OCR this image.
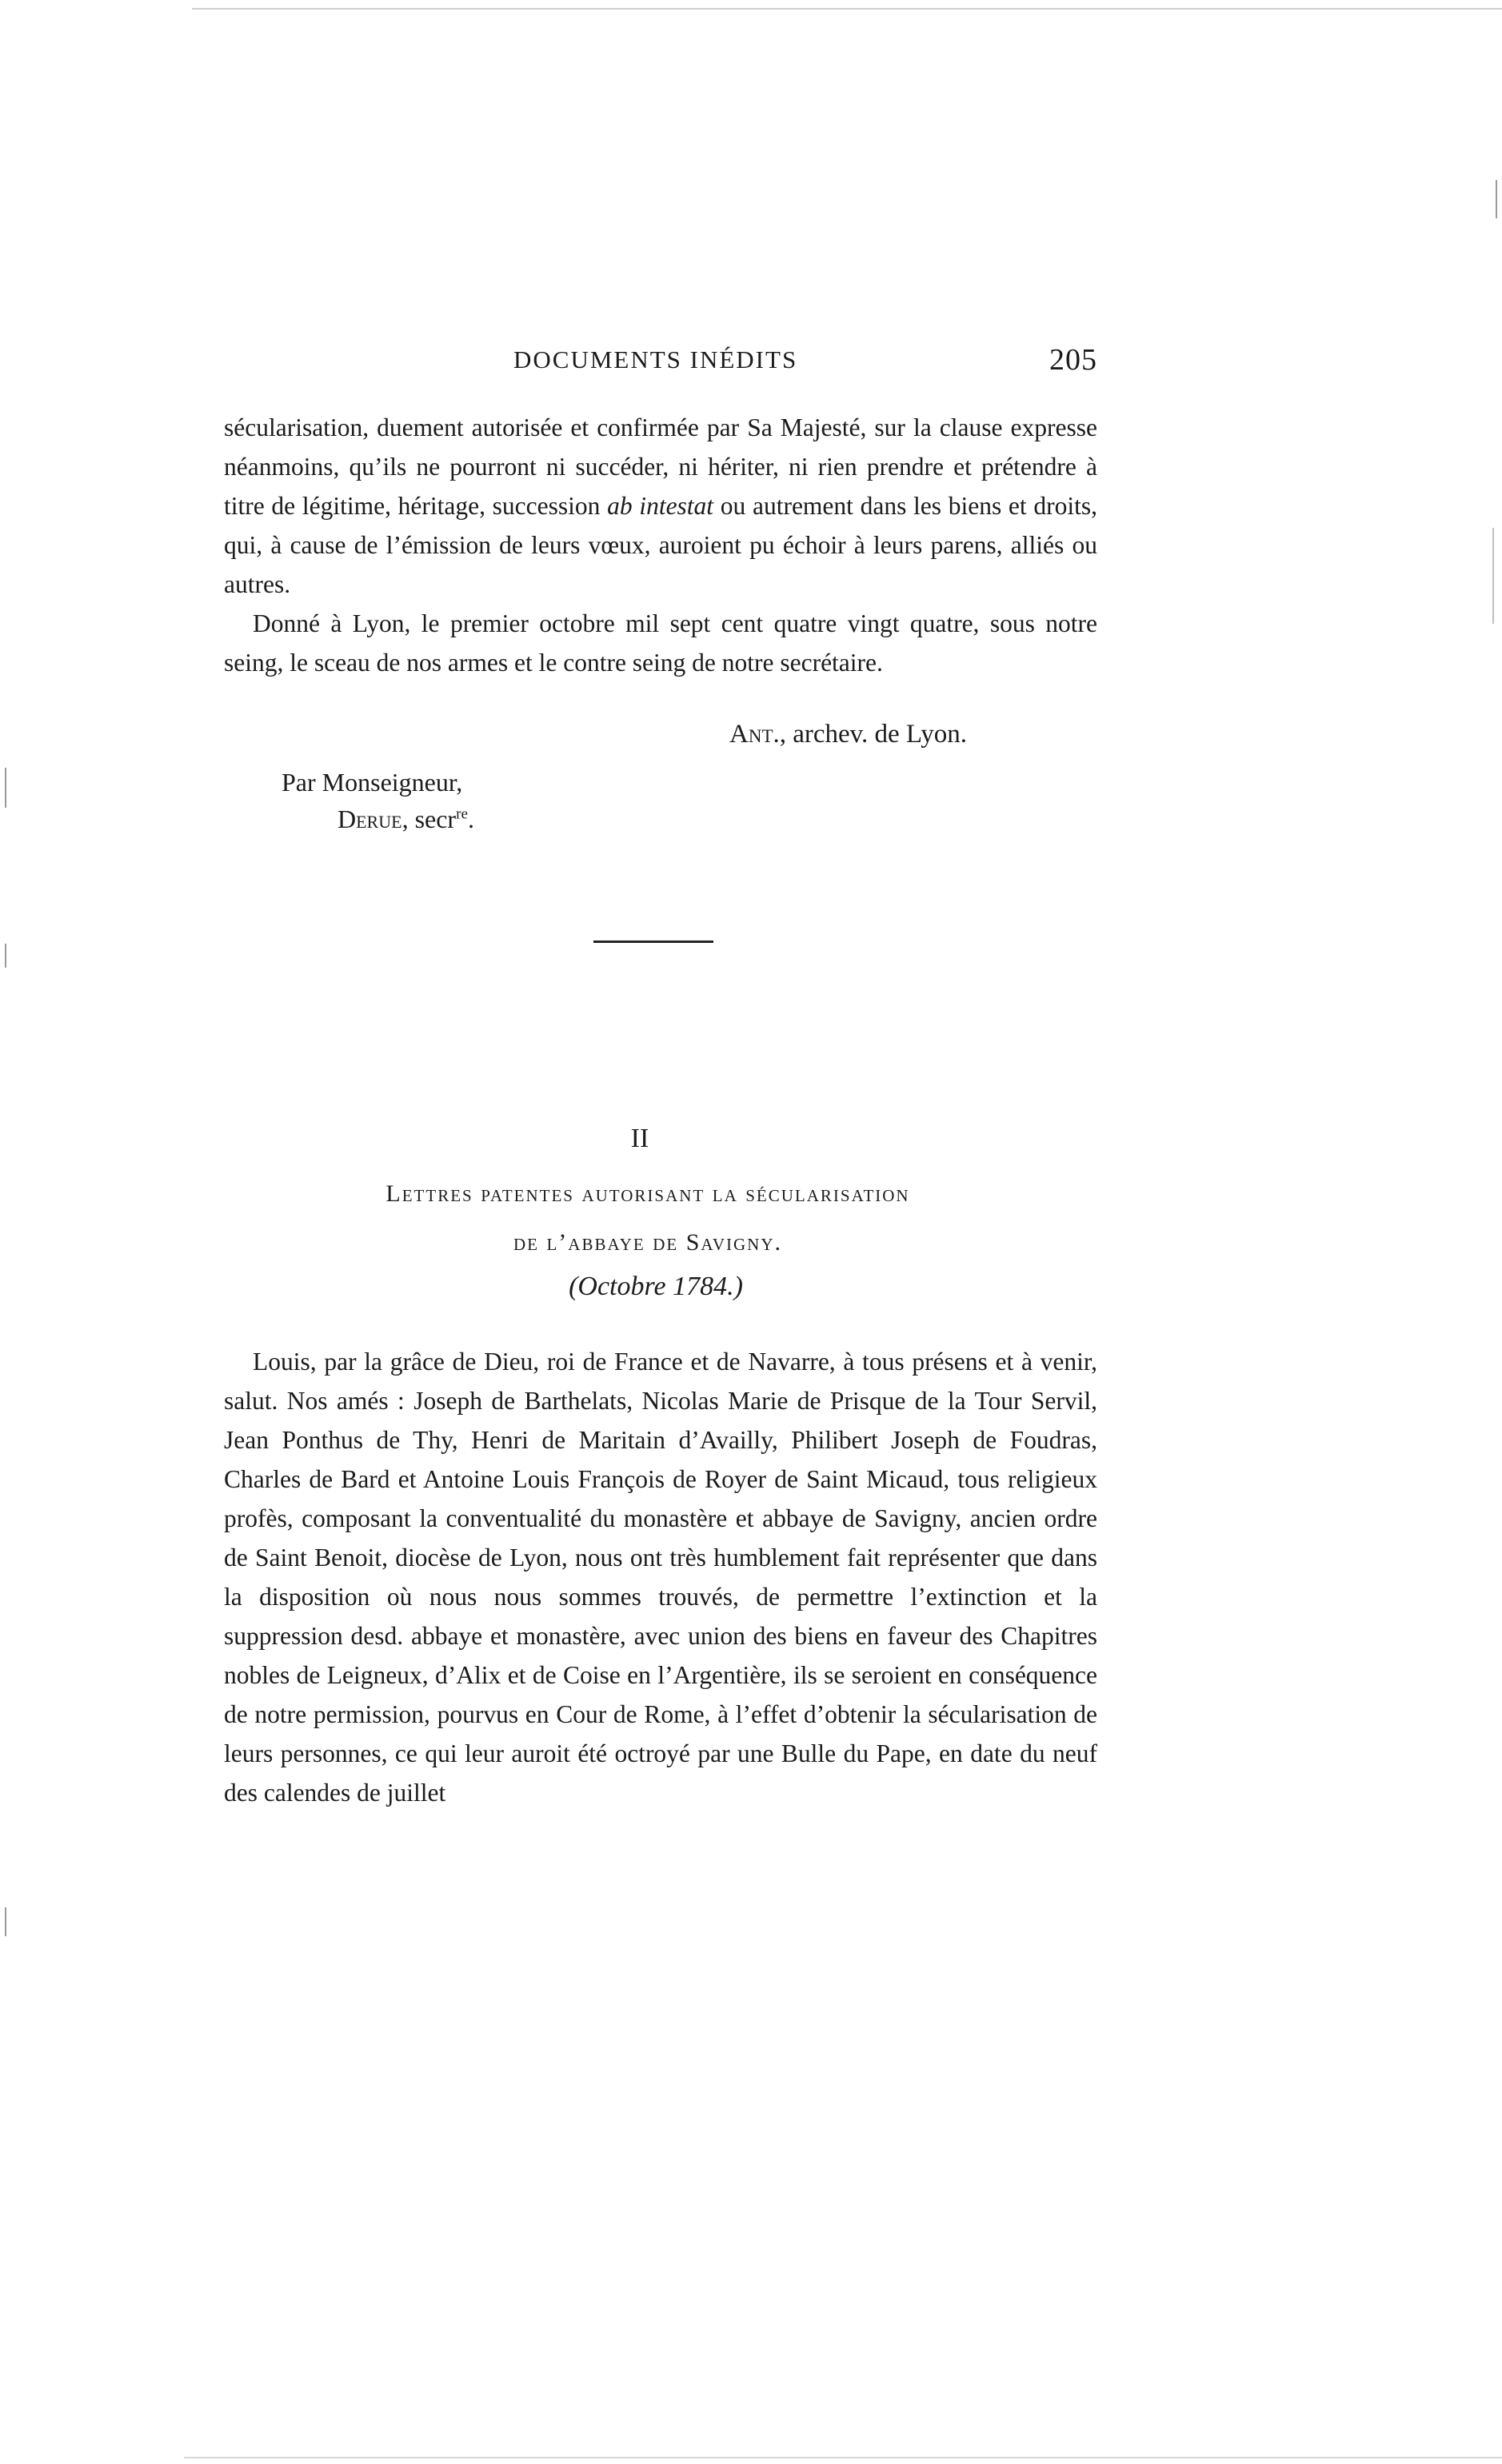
DOCUMENTS INÉDITS	205

sécularisation, duement autorisée et confirmée par Sa Majesté, sur la clause expresse néanmoins, qu’ils ne pourront ni succéder, ni hériter, ni rien prendre et prétendre à titre de légitime, héritage, succession ab intestat ou autrement dans les biens et droits, qui, à cause de l’émission de leurs vœux, auroient pu échoir à leurs parens, alliés ou autres.

Donné à Lyon, le premier octobre mil sept cent quatre vingt quatre, sous notre seing, le sceau de nos armes et le contre seing de notre secrétaire.

Ant., archev. de Lyon.
Par Monseigneur,
Derue, secr$^{re}$.
II
Lettres patentes autorisant la sécularisation
de l’abbaye de Savigny.
(Octobre 1784.)

Louis, par la grâce de Dieu, roi de France et de Navarre, à tous présens et à venir, salut. Nos amés : Joseph de Barthelats, Nicolas Marie de Prisque de la Tour Servil, Jean Ponthus de Thy, Henri de Maritain d’Availly, Philibert Joseph de Foudras, Charles de Bard et Antoine Louis François de Royer de Saint Micaud, tous religieux profès, composant la conventualité du monastère et abbaye de Savigny, ancien ordre de Saint Benoit, diocèse de Lyon, nous ont très humblement fait représenter que dans la disposition où nous nous sommes trouvés, de permettre l’extinction et la suppression desd. abbaye et monastère, avec union des biens en faveur des Chapitres nobles de Leigneux, d’Alix et de Coise en l’Argentière, ils se seroient en conséquence de notre permission, pourvus en Cour de Rome, à l’effet d’obtenir la sécularisation de leurs personnes, ce qui leur auroit été octroyé par une Bulle du Pape, en date du neuf des calendes de juillet
